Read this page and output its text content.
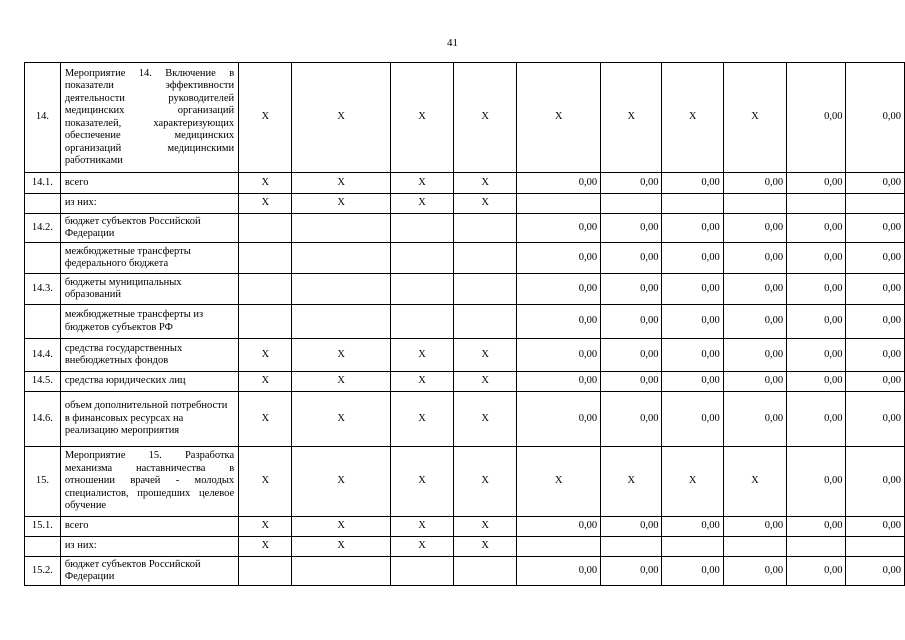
41
14.	Мероприятие 14. Включение в показатели эффективности деятельности руководителей медицинских организаций показателей, характеризующих обеспечение медицинских организаций медицинскими работниками	X	X	X	X	X	X	X	X	0,00	0,00
14.1.	всего	X	X	X	X	0,00	0,00	0,00	0,00	0,00	0,00
	из них:	X	X	X	X						
14.2.	бюджет субъектов Российской Федерации					0,00	0,00	0,00	0,00	0,00	0,00
	межбюджетные трансферты федерального бюджета					0,00	0,00	0,00	0,00	0,00	0,00
14.3.	бюджеты муниципальных образований					0,00	0,00	0,00	0,00	0,00	0,00
	межбюджетные трансферты из бюджетов субъектов РФ					0,00	0,00	0,00	0,00	0,00	0,00
14.4.	средства государственных внебюджетных фондов	X	X	X	X	0,00	0,00	0,00	0,00	0,00	0,00
14.5.	средства юридических лиц	X	X	X	X	0,00	0,00	0,00	0,00	0,00	0,00
14.6.	объем дополнительной потребности в финансовых ресурсах на реализацию мероприятия	X	X	X	X	0,00	0,00	0,00	0,00	0,00	0,00
15.	Мероприятие 15. Разработка механизма наставничества в отношении врачей - молодых специалистов, прошедших целевое обучение	X	X	X	X	X	X	X	X	0,00	0,00
15.1.	всего	X	X	X	X	0,00	0,00	0,00	0,00	0,00	0,00
	из них:	X	X	X	X						
15.2.	бюджет субъектов Российской Федерации					0,00	0,00	0,00	0,00	0,00	0,00
